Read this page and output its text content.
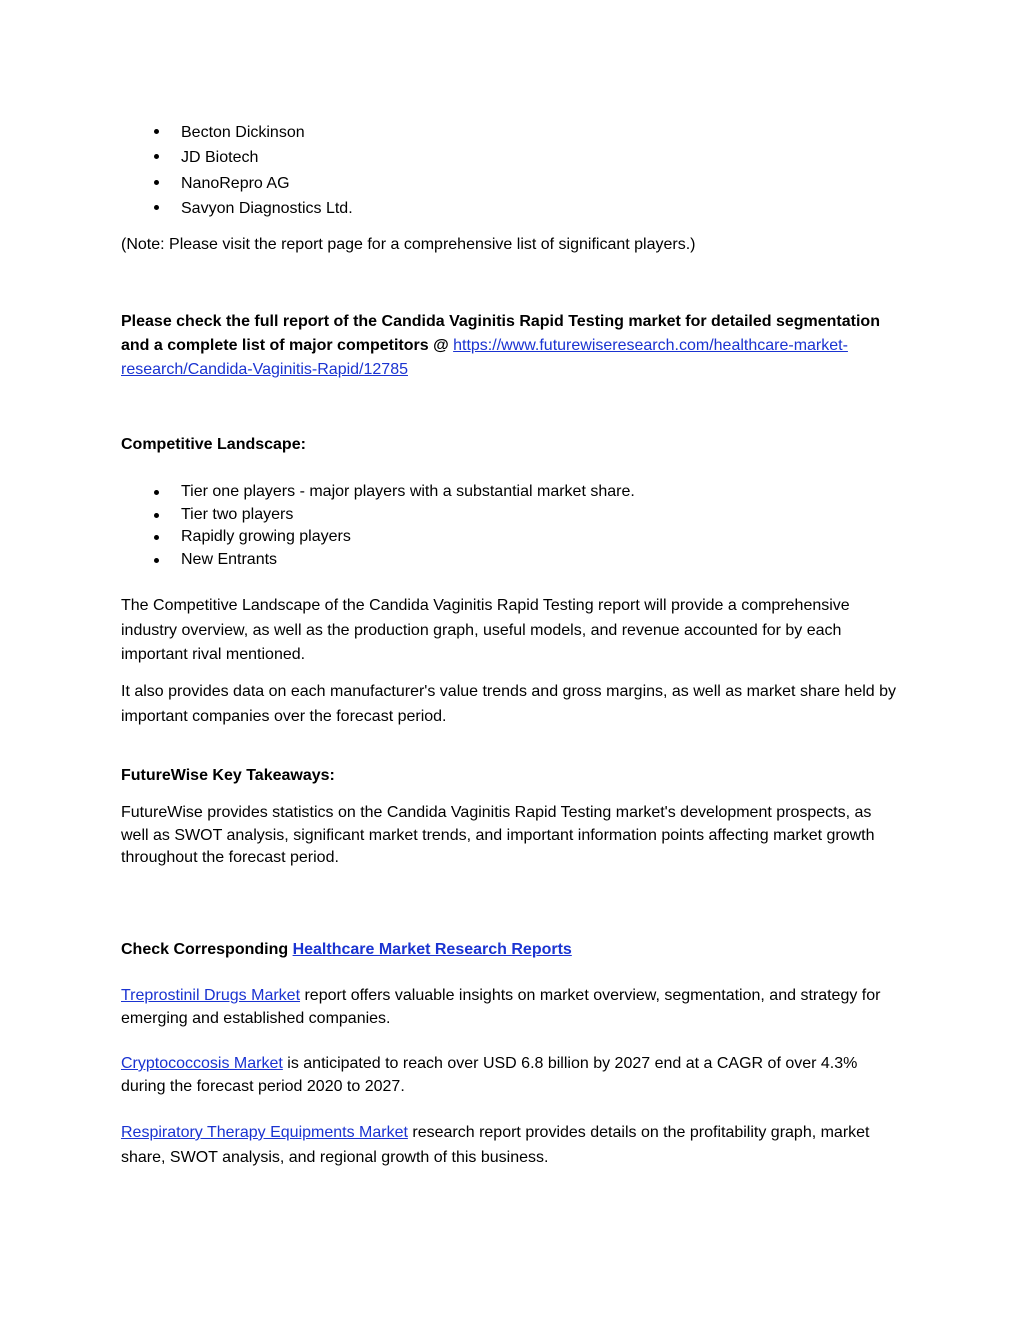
Becton Dickinson
JD Biotech
NanoRepro AG
Savyon Diagnostics Ltd.

(Note: Please visit the report page for a comprehensive list of significant players.)

Please check the full report of the Candida Vaginitis Rapid Testing market for detailed segmentation and a complete list of major competitors @ https://www.futurewiseresearch.com/healthcare-market-research/Candida-Vaginitis-Rapid/12785

Competitive Landscape:

Tier one players - major players with a substantial market share.
Tier two players
Rapidly growing players
New Entrants

The Competitive Landscape of the Candida Vaginitis Rapid Testing report will provide a comprehensive industry overview, as well as the production graph, useful models, and revenue accounted for by each important rival mentioned.

It also provides data on each manufacturer's value trends and gross margins, as well as market share held by important companies over the forecast period.

FutureWise Key Takeaways:

FutureWise provides statistics on the Candida Vaginitis Rapid Testing market's development prospects, as well as SWOT analysis, significant market trends, and important information points affecting market growth throughout the forecast period.

Check Corresponding Healthcare Market Research Reports

Treprostinil Drugs Market report offers valuable insights on market overview, segmentation, and strategy for emerging and established companies.

Cryptococcosis Market is anticipated to reach over USD 6.8 billion by 2027 end at a CAGR of over 4.3% during the forecast period 2020 to 2027.

Respiratory Therapy Equipments Market research report provides details on the profitability graph, market share, SWOT analysis, and regional growth of this business.
